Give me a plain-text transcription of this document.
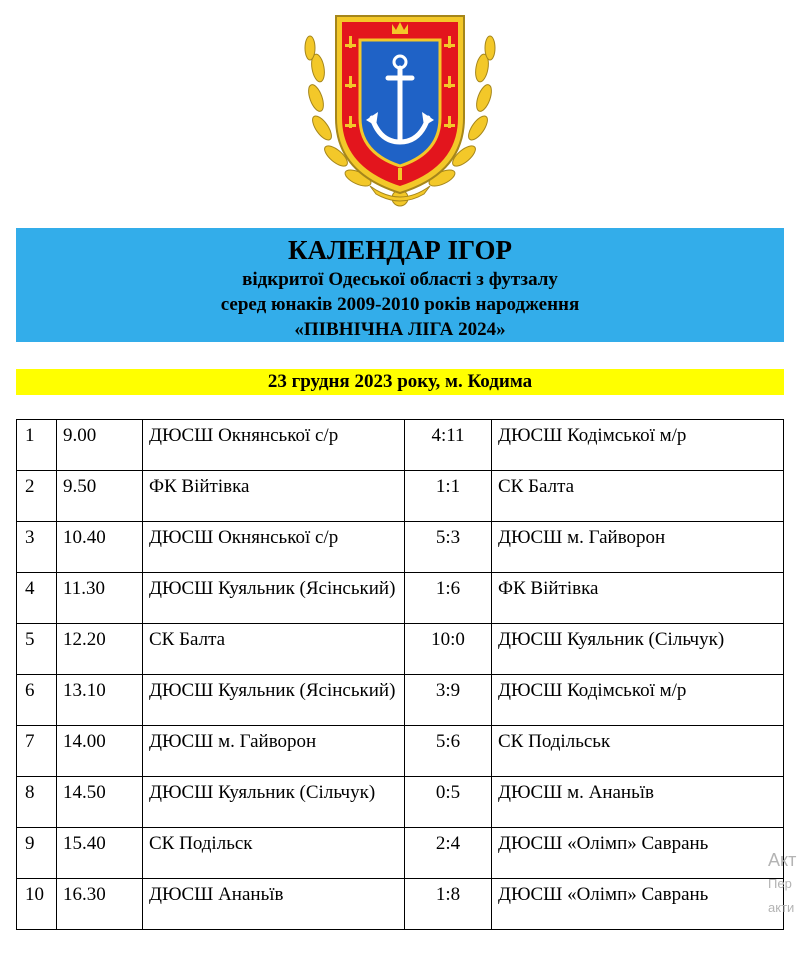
КАЛЕНДАР ІГОР
відкритої Одеської області з футзалу
серед юнаків 2009-2010 років народження
«ПІВНІЧНА ЛІГА 2024»
23 грудня 2023 року, м. Кодима
1	9.00	ДЮСШ Окнянської с/р	4:11	ДЮСШ Кодімської м/р
2	9.50	ФК Війтівка	1:1	СК Балта
3	10.40	ДЮСШ Окнянської с/р	5:3	ДЮСШ м. Гайворон
4	11.30	ДЮСШ Куяльник (Ясінський)	1:6	ФК Війтівка
5	12.20	СК Балта	10:0	ДЮСШ Куяльник (Сільчук)
6	13.10	ДЮСШ Куяльник (Ясінський)	3:9	ДЮСШ Кодімської м/р
7	14.00	ДЮСШ м. Гайворон	5:6	СК Подільськ
8	14.50	ДЮСШ Куяльник (Сільчук)	0:5	ДЮСШ м. Ананьїв
9	15.40	СК Подільск	2:4	ДЮСШ «Олімп» Саврань
10	16.30	ДЮСШ Ананьїв	1:8	ДЮСШ «Олімп» Саврань
Акт
Пер
акти
